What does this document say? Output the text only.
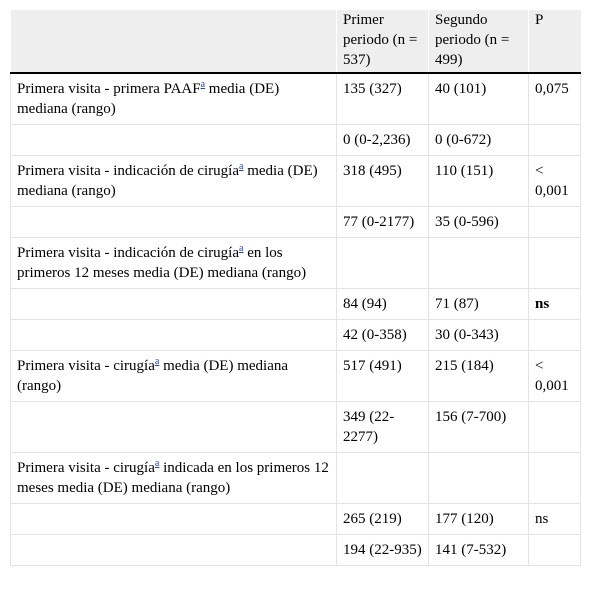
	Primer periodo (n = 537)	Segundo periodo (n = 499)	P
Primera visita - primera PAAF$^a$ media (DE) mediana (rango)	135 (327)	40 (101)	0,075
	0 (0-2,236)	0 (0-672)	
Primera visita - indicación de cirugía$^a$ media (DE) mediana (rango)	318 (495)	110 (151)	< 0,001
	77 (0-2177)	35 (0-596)	
Primera visita - indicación de cirugía$^a$ en los primeros 12 meses media (DE) mediana (rango)			
	84 (94)	71 (87)	ns
	42 (0-358)	30 (0-343)	
Primera visita - cirugía$^a$ media (DE) mediana (rango)	517 (491)	215 (184)	< 0,001
	349 (22-2277)	156 (7-700)	
Primera visita - cirugía$^a$ indicada en los primeros 12 meses media (DE) mediana (rango)			
	265 (219)	177 (120)	ns
	194 (22-935)	141 (7-532)	
